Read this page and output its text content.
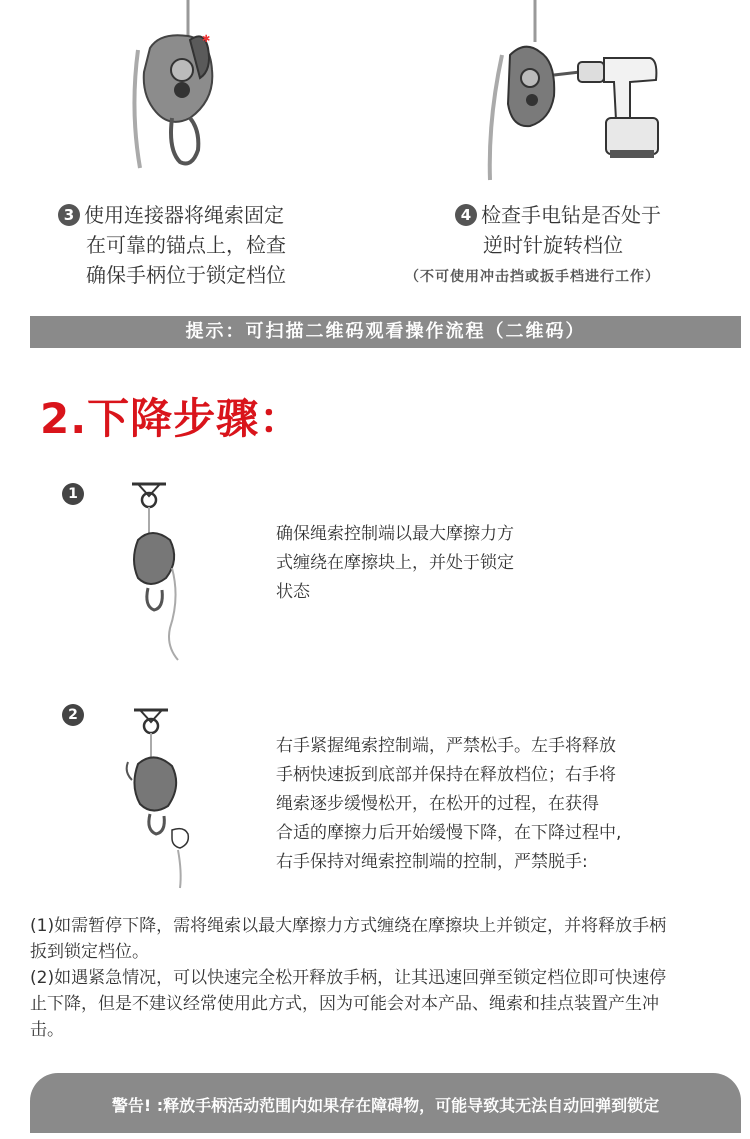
✱
3 使用连接器将绳索固定
在可靠的锚点上，检查
确保手柄位于锁定档位
4 检查手电钻是否处于
逆时针旋转档位
（不可使用冲击挡或扳手档进行工作）
提示：可扫描二维码观看操作流程（二维码）
2.下降步骤：
1
确保绳索控制端以最大摩擦力方
式缠绕在摩擦块上，并处于锁定
状态
2
右手紧握绳索控制端，严禁松手。左手将释放
手柄快速扳到底部并保持在释放档位；右手将
绳索逐步缓慢松开，在松开的过程，在获得
合适的摩擦力后开始缓慢下降，在下降过程中,
右手保持对绳索控制端的控制，严禁脱手:
(1)如需暂停下降，需将绳索以最大摩擦力方式缠绕在摩擦块上并锁定，并将释放手柄
扳到锁定档位。
(2)如遇紧急情况，可以快速完全松开释放手柄，让其迅速回弹至锁定档位即可快速停
止下降，但是不建议经常使用此方式，因为可能会对本产品、绳索和挂点装置产生冲
击。
警告! :释放手柄活动范围内如果存在障碍物，可能导致其无法自动回弹到锁定
